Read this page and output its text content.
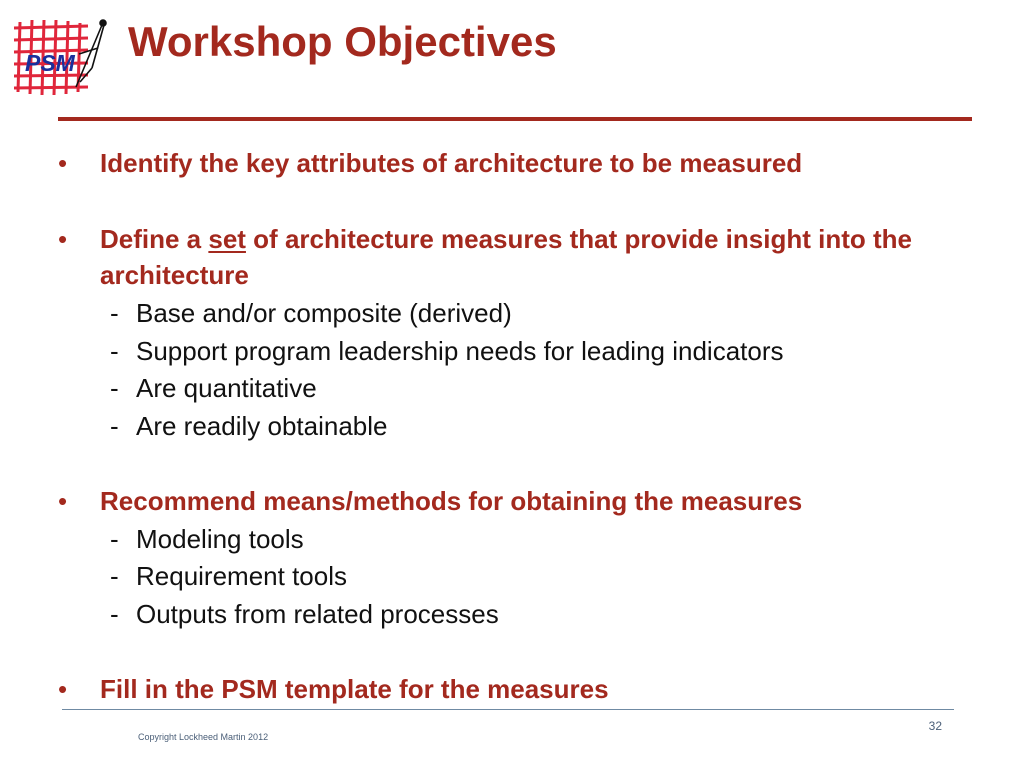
PSM Workshop Objectives
• Identify the key attributes of architecture to be measured
• Define a set of architecture measures that provide insight into the architecture
- Base and/or composite (derived)
- Support program leadership needs for leading indicators
- Are quantitative
- Are readily obtainable
• Recommend means/methods for obtaining the measures
- Modeling tools
- Requirement tools
- Outputs from related processes
• Fill in the PSM template for the measures
32
Copyright Lockheed Martin 2012
